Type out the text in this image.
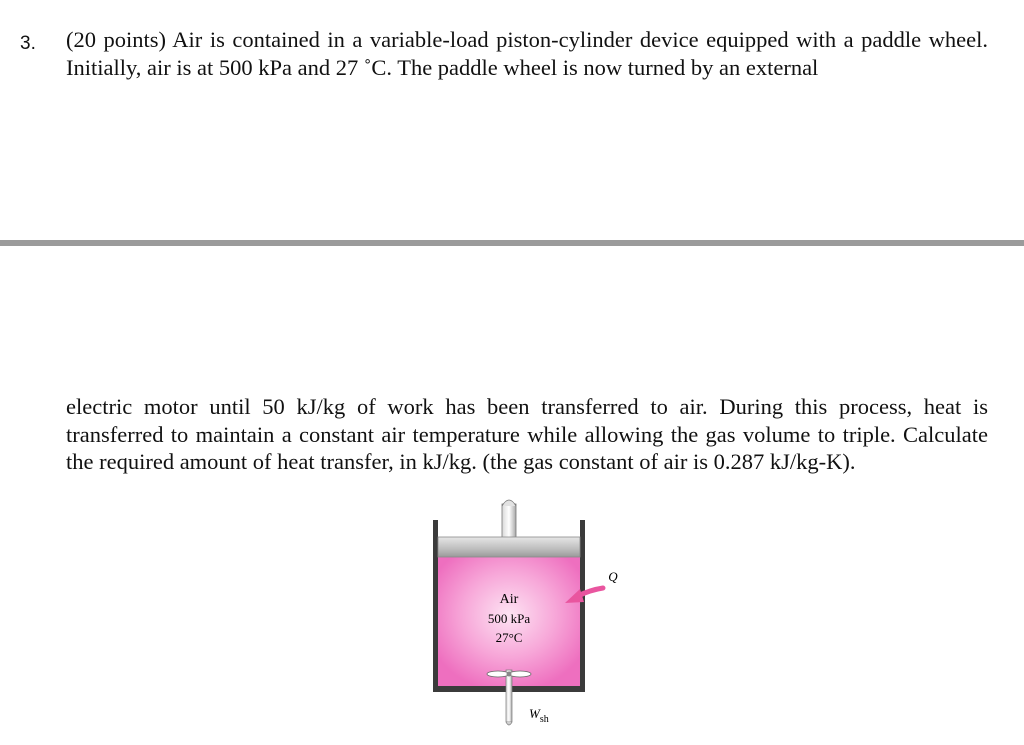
3. (20 points) Air is contained in a variable-load piston-cylinder device equipped with a paddle wheel. Initially, air is at 500 kPa and 27 ˚C. The paddle wheel is now turned by an external
electric motor until 50 kJ/kg of work has been transferred to air. During this process, heat is transferred to maintain a constant air temperature while allowing the gas volume to triple. Calculate the required amount of heat transfer, in kJ/kg. (the gas constant of air is 0.287 kJ/kg-K).
Air
500 kPa
27°C
Q
$W_{sh}$
